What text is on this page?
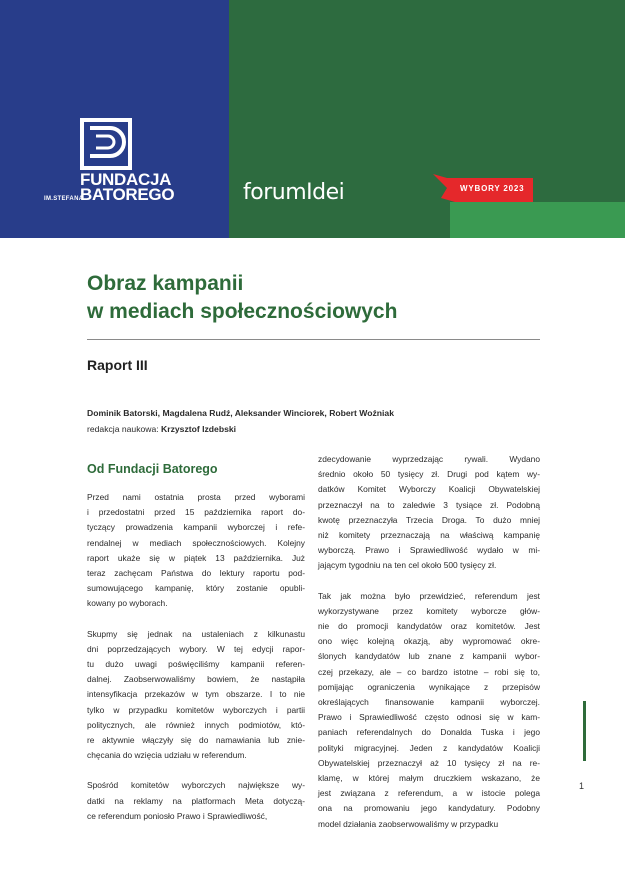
IM.STEFANA
FUNDACJA
BATOREGO	forumIdei	WYBORY 2023
Obraz kampanii
w mediach społecznościowych
Raport III
Dominik Batorski, Magdalena Rudź, Aleksander Winciorek, Robert Woźniak
redakcja naukowa: Krzysztof Izdebski
Od Fundacji Batorego

Przed nami ostatnia prosta przed wyborami
i przedostatni przed 15 października raport do-
tyczący prowadzenia kampanii wyborczej i refe-
rendalnej w mediach społecznościowych. Kolejny
raport ukaże się w piątek 13 października. Już
teraz zachęcam Państwa do lektury raportu pod-
sumowującego kampanię, który zostanie opubli-
kowany po wyborach.

Skupmy się jednak na ustaleniach z kilkunastu
dni poprzedzających wybory. W tej edycji rapor-
tu dużo uwagi poświęciliśmy kampanii referen-
dalnej. Zaobserwowaliśmy bowiem, że nastąpiła
intensyfikacja przekazów w tym obszarze. I to nie
tylko w przypadku komitetów wyborczych i partii
politycznych, ale również innych podmiotów, któ-
re aktywnie włączyły się do namawiania lub znie-
chęcania do wzięcia udziału w referendum.

Spośród komitetów wyborczych największe wy-
datki na reklamy na platformach Meta dotyczą-
ce referendum poniosło Prawo i Sprawiedliwość,

zdecydowanie wyprzedzając rywali. Wydano
średnio około 50 tysięcy zł. Drugi pod kątem wy-
datków Komitet Wyborczy Koalicji Obywatelskiej
przeznaczył na to zaledwie 3 tysiące zł. Podobną
kwotę przeznaczyła Trzecia Droga. To dużo mniej
niż komitety przeznaczają na właściwą kampanię
wyborczą. Prawo i Sprawiedliwość wydało w mi-
jającym tygodniu na ten cel około 500 tysięcy zł.

Tak jak można było przewidzieć, referendum jest
wykorzystywane przez komitety wyborcze głów-
nie do promocji kandydatów oraz komitetów. Jest
ono więc kolejną okazją, aby wypromować okre-
ślonych kandydatów lub znane z kampanii wybor-
czej przekazy, ale – co bardzo istotne – robi się to,
pomijając ograniczenia wynikające z przepisów
określających finansowanie kampanii wyborczej.
Prawo i Sprawiedliwość często odnosi się w kam-
paniach referendalnych do Donalda Tuska i jego
polityki migracyjnej. Jeden z kandydatów Koalicji
Obywatelskiej przeznaczył aż 10 tysięcy zł na re-
klamę, w której małym druczkiem wskazano, że
jest związana z referendum, a w istocie polega
ona na promowaniu jego kandydatury. Podobny
model działania zaobserwowaliśmy w przypadku

1
